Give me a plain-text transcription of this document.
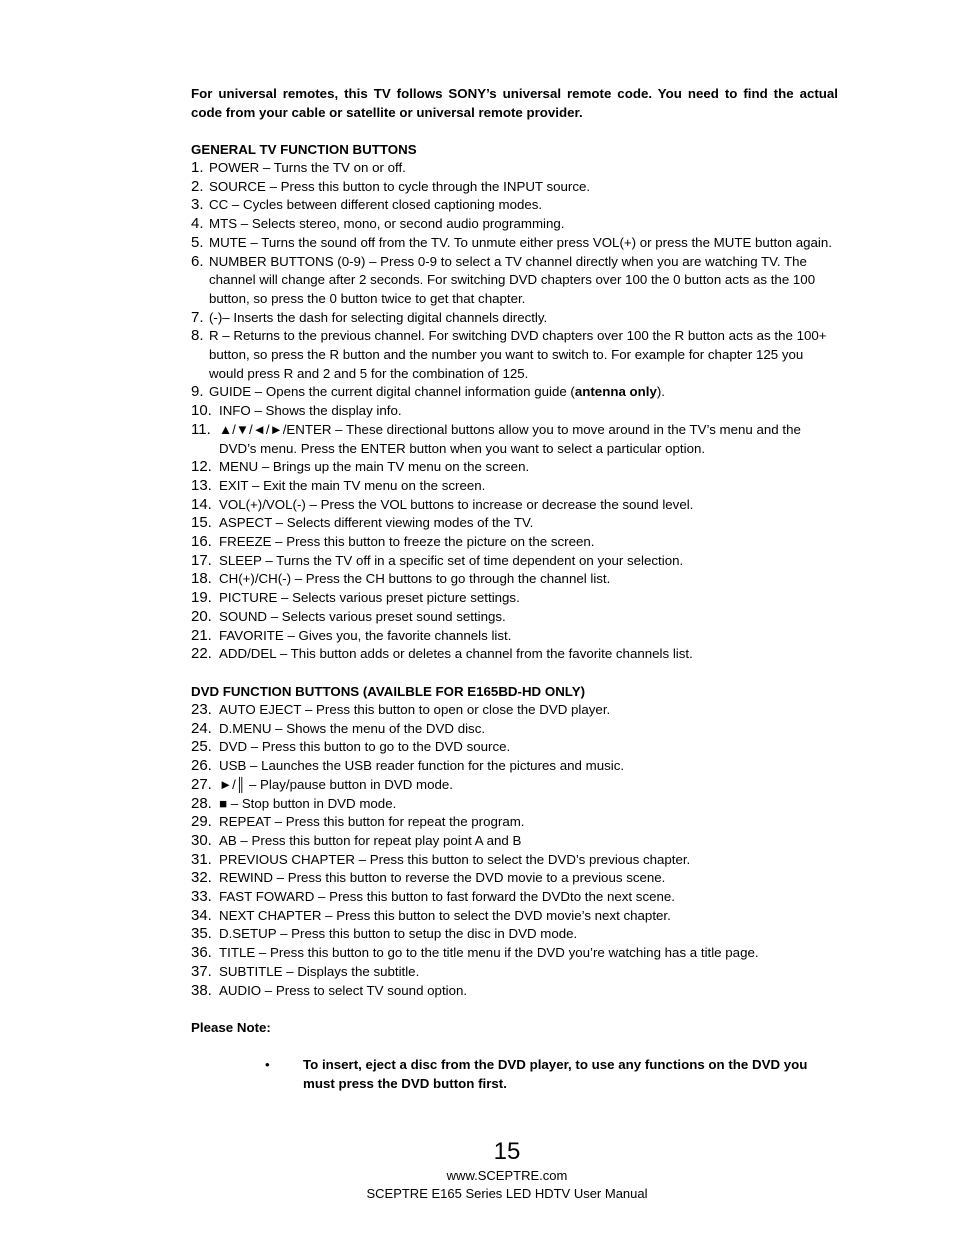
For universal remotes, this TV follows SONY’s universal remote code. You need to find the actual code from your cable or satellite or universal remote provider.

GENERAL TV FUNCTION BUTTONS

1. POWER – Turns the TV on or off.
2. SOURCE – Press this button to cycle through the INPUT source.
3. CC – Cycles between different closed captioning modes.
4. MTS – Selects stereo, mono, or second audio programming.
5. MUTE – Turns the sound off from the TV. To unmute either press VOL(+) or press the MUTE button again.
6. NUMBER BUTTONS (0-9) – Press 0-9 to select a TV channel directly when you are watching TV. The channel will change after 2 seconds. For switching DVD chapters over 100 the 0 button acts as the 100 button, so press the 0 button twice to get that chapter.
7. (-)– Inserts the dash for selecting digital channels directly.
8. R – Returns to the previous channel. For switching DVD chapters over 100 the R button acts as the 100+ button, so press the R button and the number you want to switch to. For example for chapter 125 you would press R and 2 and 5 for the combination of 125.
9. GUIDE – Opens the current digital channel information guide (antenna only).
10. INFO – Shows the display info.
11. ▲/▼/◄/►/ENTER – These directional buttons allow you to move around in the TV’s menu and the DVD’s menu. Press the ENTER button when you want to select a particular option.
12. MENU – Brings up the main TV menu on the screen.
13. EXIT – Exit the main TV menu on the screen.
14. VOL(+)/VOL(-) – Press the VOL buttons to increase or decrease the sound level.
15. ASPECT – Selects different viewing modes of the TV.
16. FREEZE – Press this button to freeze the picture on the screen.
17. SLEEP – Turns the TV off in a specific set of time dependent on your selection.
18. CH(+)/CH(-) – Press the CH buttons to go through the channel list.
19. PICTURE – Selects various preset picture settings.
20. SOUND – Selects various preset sound settings.
21. FAVORITE – Gives you, the favorite channels list.
22. ADD/DEL – This button adds or deletes a channel from the favorite channels list.

DVD FUNCTION BUTTONS (AVAILBLE FOR E165BD-HD ONLY)

23. AUTO EJECT – Press this button to open or close the DVD player.
24. D.MENU – Shows the menu of the DVD disc.
25. DVD – Press this button to go to the DVD source.
26. USB – Launches the USB reader function for the pictures and music.
27. ►/║ – Play/pause button in DVD mode.
28. ■ – Stop button in DVD mode.
29. REPEAT – Press this button for repeat the program.
30. AB – Press this button for repeat play point A and B
31. PREVIOUS CHAPTER – Press this button to select the DVD’s previous chapter.
32. REWIND – Press this button to reverse the DVD movie to a previous scene.
33. FAST FOWARD – Press this button to fast forward the DVDto the next scene.
34. NEXT CHAPTER – Press this button to select the DVD movie’s next chapter.
35. D.SETUP – Press this button to setup the disc in DVD mode.
36. TITLE – Press this button to go to the title menu if the DVD you’re watching has a title page.
37. SUBTITLE – Displays the subtitle.
38. AUDIO – Press to select TV sound option.

Please Note:

•	To insert, eject a disc from the DVD player, to use any functions on the DVD you must press the DVD button first.
15
www.SCEPTRE.com
SCEPTRE E165 Series LED HDTV User Manual
